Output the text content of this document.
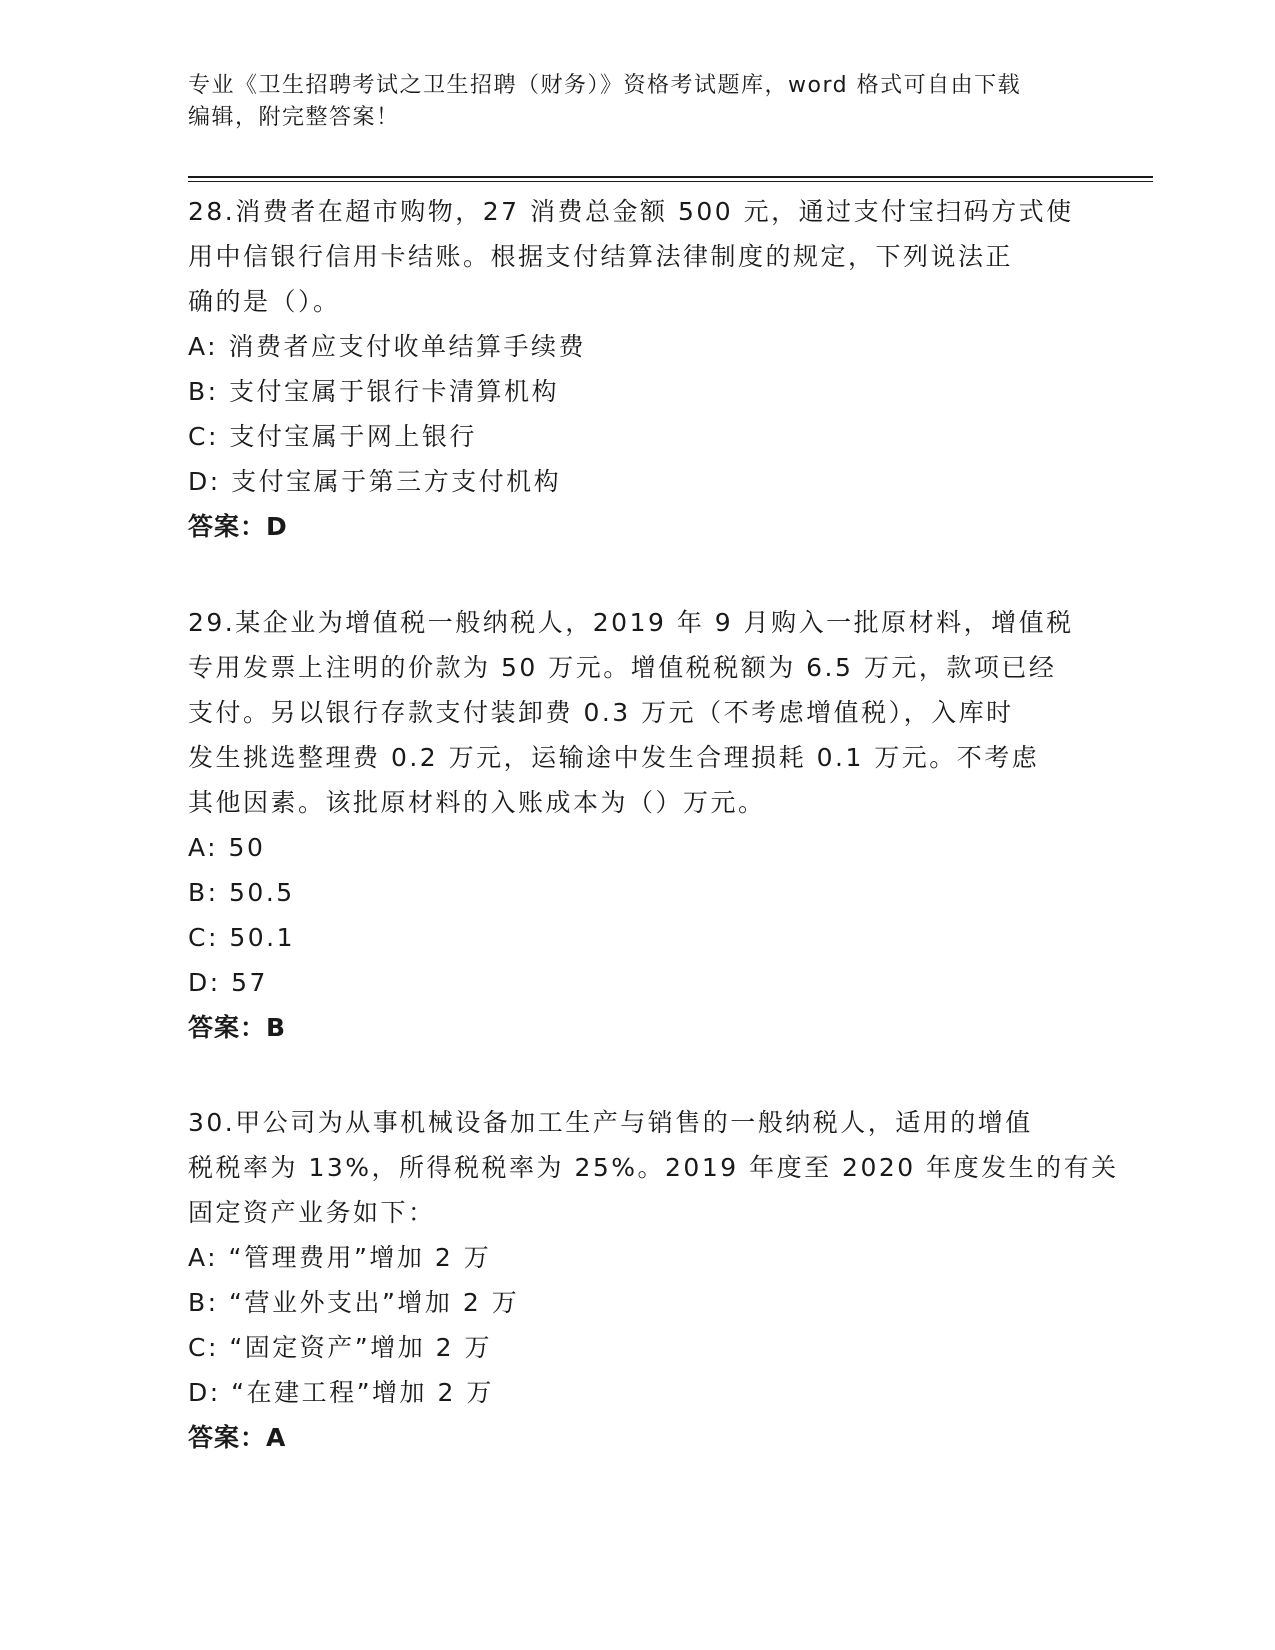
专业《卫生招聘考试之卫生招聘（财务）》资格考试题库，word 格式可自由下载
编辑，附完整答案！
28.消费者在超市购物，27 消费总金额 500 元，通过支付宝扫码方式使
用中信银行信用卡结账。根据支付结算法律制度的规定，下列说法正
确的是（）。
A: 消费者应支付收单结算手续费
B: 支付宝属于银行卡清算机构
C: 支付宝属于网上银行
D: 支付宝属于第三方支付机构
答案：D
29.某企业为增值税一般纳税人，2019 年 9 月购入一批原材料，增值税
专用发票上注明的价款为 50 万元。增值税税额为 6.5 万元，款项已经
支付。另以银行存款支付装卸费 0.3 万元（不考虑增值税），入库时
发生挑选整理费 0.2 万元，运输途中发生合理损耗 0.1 万元。不考虑
其他因素。该批原材料的入账成本为（）万元。
A: 50
B: 50.5
C: 50.1
D: 57
答案：B
30.甲公司为从事机械设备加工生产与销售的一般纳税人，适用的增值
税税率为 13%，所得税税率为 25%。2019 年度至 2020 年度发生的有关
固定资产业务如下：
A: “管理费用”增加 2 万
B: “营业外支出”增加 2 万
C: “固定资产”增加 2 万
D: “在建工程”增加 2 万
答案：A
